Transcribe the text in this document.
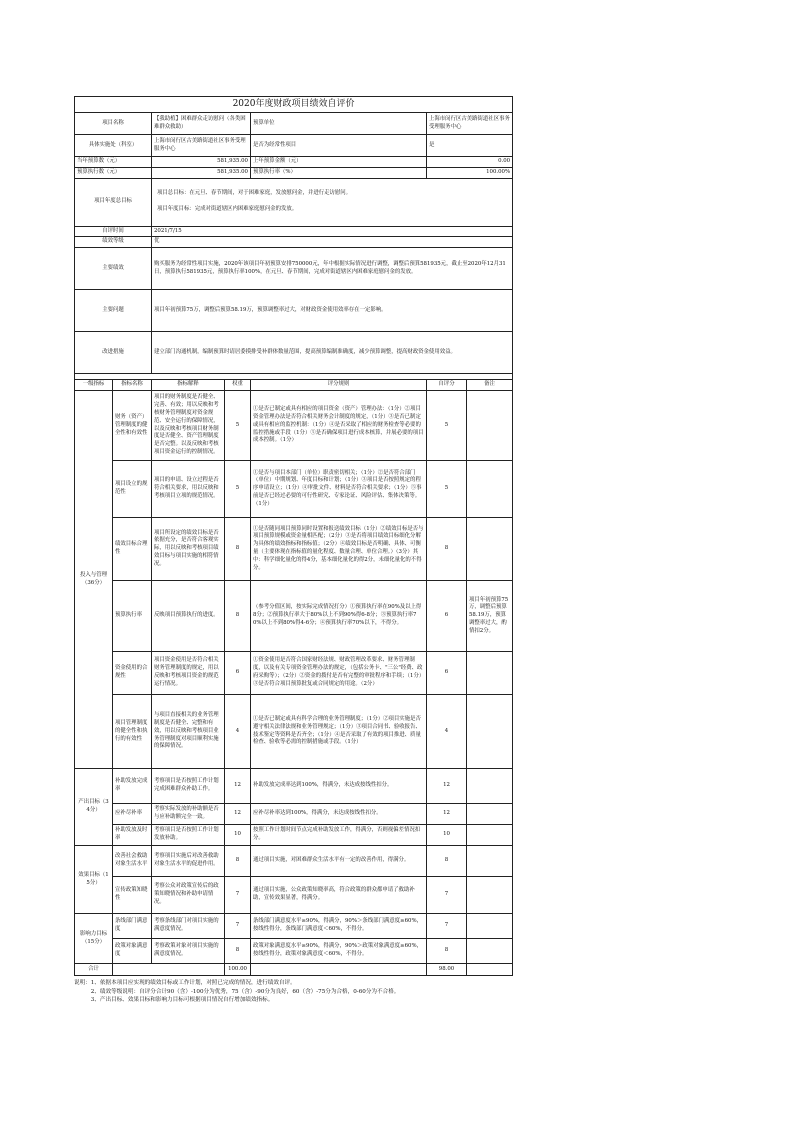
2020年度财政项目绩效自评价						
项目名称		【我助植】困难群众走访慰问（各类困难群众救助）		预算单位	上海市闵行区古美路街道社区事务受理服务中心	
具体实施处（科室）		上海市闵行区古美路街道社区事务受理服务中心		是否为经常性项目	是	
当年预算数（元）		581,935.00		上年预算金额（元）	0.00	
预算执行数（元）		581,935.00		预算执行率（%）	100.00%	
项目年度总目标		项目总目标：在元旦、春节期间，对于困难家庭，发放慰问金，并进行走访慰问。
项目年度目标：完成对街道辖区内困难家庭慰问金的发放。				

自评时间		2021/7/15				
绩效等级		优				
主要绩效		购买服务为经常性项目实施，2020年该项目年初预算安排750000元，年中根据实际情况进行调整，调整后预算581935元，截止至2020年12月31日，预算执行581935元，预算执行率100%，在元旦、春节期间，完成对街道辖区内困难家庭慰问金的发放。				
主要问题		项目年初预算75万，调整后预算58.19万，预算调整率过大，对财政资金使用效率存在一定影响。				
改进措施		建立部门沟通机制，编制预算时请居委摸排受补群体数量范围，提高预算编制准确度，减少预算调整，提高财政资金使用效益。				

一级指标	指标名称	指标解释	权重	评分规则	自评分	备注
投入与管理（36分）	财务（资产）管理制度的健全性和有效性	项目的财务制度是否健全、完善、有效；用以反映和考核财务管理制度对资金规范、安全运行的保障情况，以及反映和考核项目财务制度是否健全、资产管理制度是否完整。以及反映和考核项目资金运行的控制情况。	5	①是否已制定或具有相应的项目资金（资产）管理办法：（1分）②项目资金管理办法是否符合相关财务会计制度的规定，（1分）③是否已制定或具有相应的监控机制：（1分）④是否采取了相应的财务检查等必要的监控措施或手段（1分）⑤是否确保项目进行成本核算，并展必要的项目成本控制。（1分）	5	
	项目设立的规范性	项目的申请、设立过程是否符合相关要求，用以反映和考核项目立项的规范情况。	5	①是否与项目本部门（单位）职责密切相关；（1分）②是否符合部门（单位）中期规划、年度目标和计划；（1分）③项目是否按照规定的程序申请设立；（1分）④审批文件、材料是否符合相关要求；（1分）⑤事前是否已经过必要的可行性研究、专家论证、风险评估、集体决策等。（1分）	5	
	绩效目标合理性	项目所设定的绩效目标是否依据充分，是否符合客观实际，用以反映和考核项目绩效目标与项目实施的相符情况。	8	①是否随同项目预算同时设置和报送绩效目标（1分）②绩效目标是否与项目预算规模或资金量相匹配；（2分）③是否将项目绩效目标细化分解为具体的绩效指标和指标值；（2分）④绩效目标是否明确、具体、可衡量（主要体现在指标值的量化程度、数量合理、单位合理。）（3分）其中：科学细化量化的得4分，基本细化量化的得2分，未细化量化的不得分。	8	
	预算执行率	反映项目预算执行的进度。	8	（参考分值区间，按实际完成情况打分）①预算执行率在90%及以上得8分；②预算执行率大于80%以上不到90%得6-8分；③预算执行率70%以上不到80%得4-6分；④预算执行率70%以下，不得分。	6	项目年初预算75万，调整后预算58.19万，预算调整率过大，酌情扣2分。
	资金使用的合规性	项目资金使用是否符合相关财务管理制度的规定，用以反映和考核项目资金的规范运行情况。	6	①资金使用是否符合国家财经法规、财政管理改革要求、财务管理制度，以及有关专项资金管理办法的规定，（包括公务卡、"三公"经费、政府采购等）；（2分）②资金的拨付是否有完整的审批程序和手续；（1分）③是否符合项目预算批复或合同规定的用途。（2分）	6	
	项目管理制度的健全性和执行的有效性	与项目直接相关的业务管理制度是否健全、完整和有效，用以反映和考核项目业务管理制度对项目顺利实施的保障情况。	4	①是否已制定或具有科学合理的业务管理制度；（1分）②项目实施是否遵守相关法律法规和业务管理规定；（1分）③项目合同书、验收报告、技术鉴定等资料是否齐全；（1分）④是否采取了有效的项目推进、质量检查、验收等必需的控制措施或手段。（1分）	4	
产出目标（34分）	补助发放完成率	考察项目是否按照工作计划完成困难群众补助工作。	12	补助发放完成率达到100%，得满分，未达成按线性扣分。	12	
	应补尽补率	考察实际发放的补助额是否与应补助额完全一致。	12	应补尽补率达到100%，得满分，未达成按线性扣分。	12	
	补助发放及时率	考察项目是否按照工作计划发放补助。	10	按照工作计划时间节点完成补助发放工作，得满分，否则视偏差情况扣分。	10	
效果目标（15分）	改善社会救助对象生活水平	考察项目实施后对改善救助对象生活水平的促进作用。	8	通过项目实施，对困难群众生活水平有一定的改善作用，得满分。	8	
	宣传政策知晓性	考察公众对政策宣传后的政策知晓情况和补助申请情况。	7	通过项目实施，公众政策知晓率高，符合政策的群众都申请了救助补助，宣传效果显著，得满分。	7	
影响力目标（15分）	条线部门满意度	考察条线部门对项目实施的满意度情况。	7	条线部门满意度水平≥90%，得满分，90%＞条线部门满意度≥60%，按线性得分，条线部门满意度＜60%，不得分。	7	
	政策对象满意度	考察政策对象对项目实施的满意度情况。	8	政策对象满意度水平≥90%，得满分，90%＞政策对象满意度≥60%，按线性得分，政策对象满意度＜60%，不得分。	8	
合计			100.00		98.00	
说明：1、依据本项目应实现的绩效目标或工作计划，对照已完成的情况，进行绩效自评。
　　　2、绩效等级说明：自评分合计90（含）-100分为优秀，75（含）-90分为良好，60（含）-75分为合格，0-60分为不合格。
　　　3、产出目标、效果目标和影响力目标可根据项目情况自行增加绩效指标。
